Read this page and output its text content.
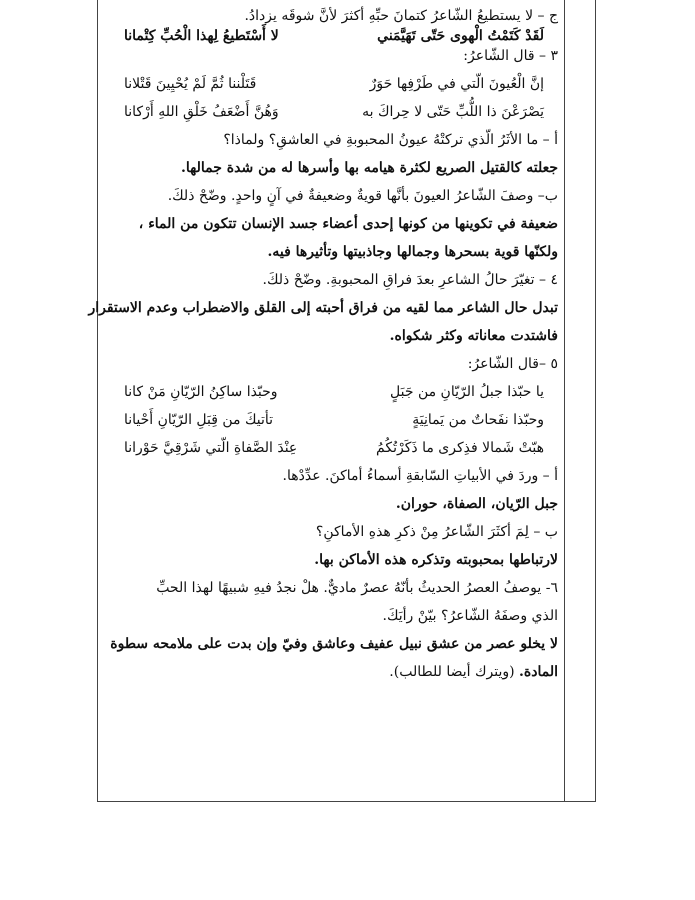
ج – لا يستطيعُ الشّاعرُ كتمانَ حبِّهِ أكثرَ لأنَّ شوقَه يزدادُ.

لَقَدْ كَتَمْتُ الْهوى حَتّى تَهَيَّمَني
لا أَسْتَطيعُ لِهذا الْحُبِّ كِتْمانا

٣ – قال الشّاعرُ:

إنَّ الْعُيونَ الّتي في طَرْفِها حَوَرٌ
قَتَلْننا ثُمَّ لَمْ يُحْيِينَ قَتْلانا

يَصْرَعْنَ ذا اللُّبِّ حَتّى لا حِراكَ به
وَهُنَّ أَضْعَفُ خَلْقِ اللهِ أَرْكانا

أ – ما الأثَرُ الّذي تركتْهُ عيونُ المحبوبةِ في العاشقِ؟ ولماذا؟

جعلته كالقتيل الصريع لكثرة هيامه بها وأسرها له من شدة جمالها.

ب– وصفَ الشّاعرُ العيونَ بأنَّها قويةٌ وضعيفةٌ في آنٍ واحدٍ. وضّحْ ذلكَ.

ضعيفة في تكوينها من كونها إحدى أعضاء جسد الإنسان تتكون من الماء ،

ولكنّها قوية بسحرها وجمالها وجاذبيتها وتأثيرها فيه.

٤ – تغيّرَ حالُ الشاعرِ بعدَ فراقِ المحبوبةِ. وضّحْ ذلكَ.

تبدل حال الشاعر مما لقيه من فراق أحبته إلى القلق والاضطراب وعدم الاستقرار

فاشتدت معاناته وكثر شكواه.

٥ –قال الشّاعرُ:

يا حبّذا جبلُ الرّيّانِ من جَبَلٍ
وحبّذا ساكِنُ الرّيّانِ مَنْ كانا

وحبّذا نفَحاتٌ من يَمانِيَةٍ
تأتيكَ من قِبَلِ الرّيّانِ أَحْيانا

هبّتْ شَمالا فذِكرى ما ذَكَرْتُكُمُ
عِنْدَ الصَّفاةِ الّتي شَرْقِيَّ حَوْرانا

أ – وردَ في الأبياتِ السّابقةِ أسماءُ أماكنَ. عدِّدْها.

جبل الرّيان، الصفاة، حوران.

ب – لِمَ أكثَرَ الشّاعرُ مِنْ ذكرِ هذهِ الأماكنِ؟

لارتباطها بمحبوبته وتذكره هذه الأماكن بها.

٦- يوصفُ العصرُ الحديثُ بأنّهُ عصرٌ ماديٌّ. هلْ نجدُ فيهِ شبيهًا لهذا الحبِّ

الذي وصفَهُ الشّاعرُ؟ بيّنْ رأيَكَ.

لا يخلو عصر من عشق نبيل عفيف وعاشق وفيّ وإن بدت على ملامحه سطوة

المادة. (ويترك أيضا للطالب).
